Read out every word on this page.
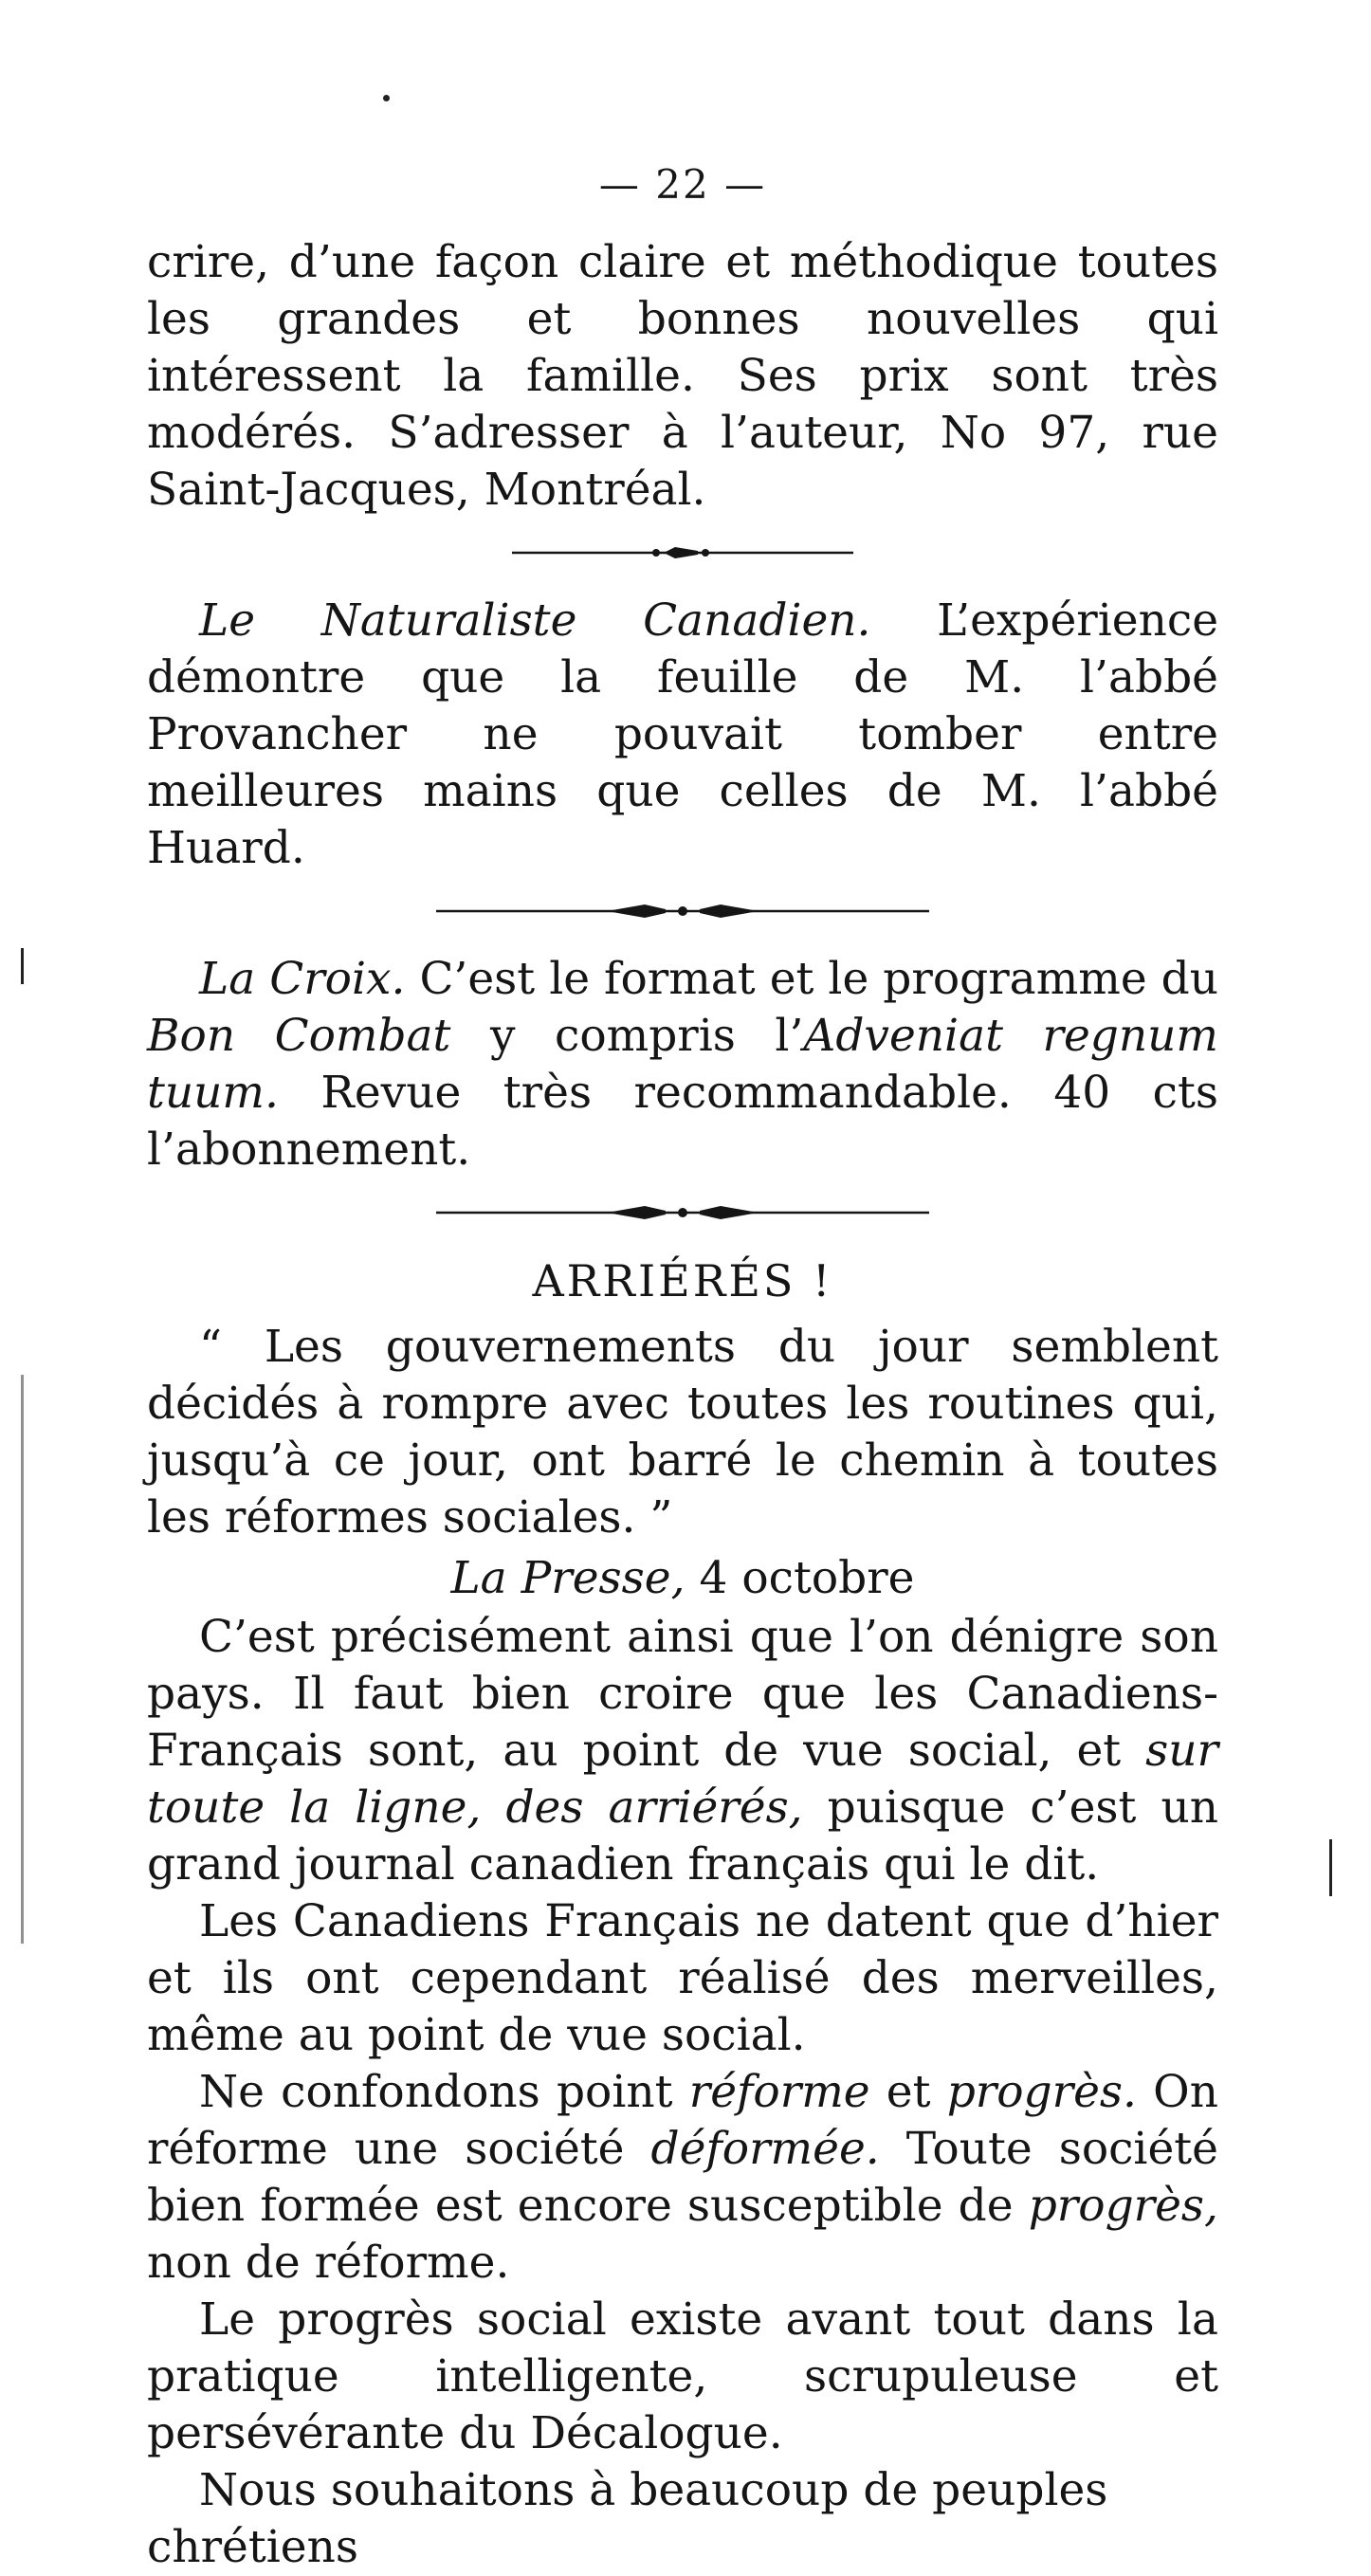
— 22 —

crire, d’une façon claire et méthodique toutes les grandes et bonnes nouvelles qui intéressent la famille. Ses prix sont très modérés. S’adresser à l’auteur, No 97, rue Saint-Jacques, Montréal.

Le Naturaliste Canadien. L’expérience démontre que la feuille de M. l’abbé Provancher ne pouvait tomber entre meilleures mains que celles de M. l’abbé Huard.

La Croix. C’est le format et le programme du Bon Combat y compris l’Adveniat regnum tuum. Revue très recommandable. 40 cts l’abonnement.

ARRIÉRÉS !

“ Les gouvernements du jour semblent décidés à rompre avec toutes les routines qui, jusqu’à ce jour, ont barré le chemin à toutes les réformes sociales. ”

La Presse, 4 octobre

C’est précisément ainsi que l’on dénigre son pays. Il faut bien croire que les Canadiens-Français sont, au point de vue social, et sur toute la ligne, des arriérés, puisque c’est un grand journal canadien français qui le dit.

Les Canadiens Français ne datent que d’hier et ils ont cependant réalisé des merveilles, même au point de vue social.

Ne confondons point réforme et progrès. On réforme une société déformée. Toute société bien formée est encore susceptible de progrès, non de réforme.

Le progrès social existe avant tout dans la pratique intelligente, scrupuleuse et persévérante du Décalogue.

Nous souhaitons à beaucoup de peuples chrétiens
